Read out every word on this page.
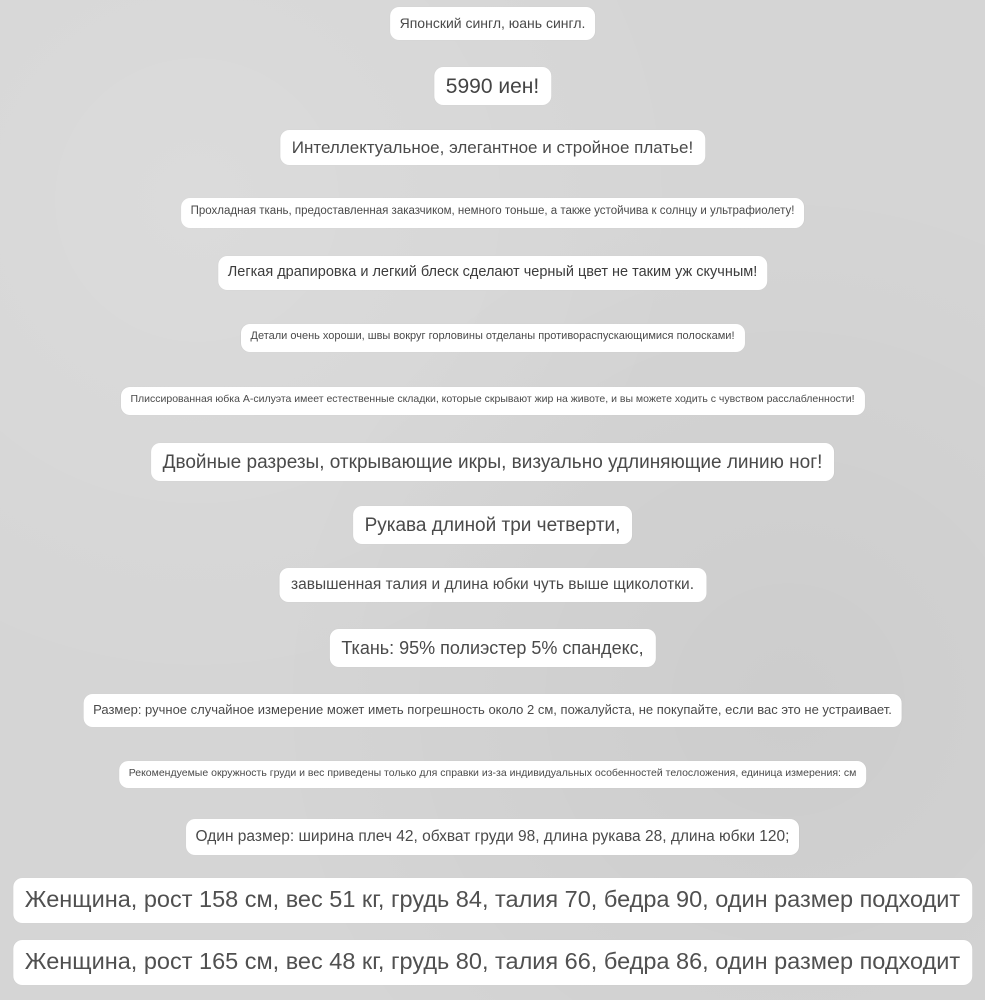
Японский сингл, юань сингл.
5990 иен!
Интеллектуальное, элегантное и стройное платье!
Прохладная ткань, предоставленная заказчиком, немного тоньше, а также устойчива к солнцу и ультрафиолету!
Легкая драпировка и легкий блеск сделают черный цвет не таким уж скучным!
Детали очень хороши, швы вокруг горловины отделаны противораспускающимися полосками!
Плиссированная юбка А-силуэта имеет естественные складки, которые скрывают жир на животе, и вы можете ходить с чувством расслабленности!
Двойные разрезы, открывающие икры, визуально удлиняющие линию ног!
Рукава длиной три четверти,
завышенная талия и длина юбки чуть выше щиколотки.
Ткань: 95% полиэстер 5% спандекс,
Размер: ручное случайное измерение может иметь погрешность около 2 см, пожалуйста, не покупайте, если вас это не устраивает.
Рекомендуемые окружность груди и вес приведены только для справки из-за индивидуальных особенностей телосложения, единица измерения: см
Один размер: ширина плеч 42, обхват груди 98, длина рукава 28, длина юбки 120;
Женщина, рост 158 см, вес 51 кг, грудь 84, талия 70, бедра 90, один размер подходит
Женщина, рост 165 см, вес 48 кг, грудь 80, талия 66, бедра 86, один размер подходит
